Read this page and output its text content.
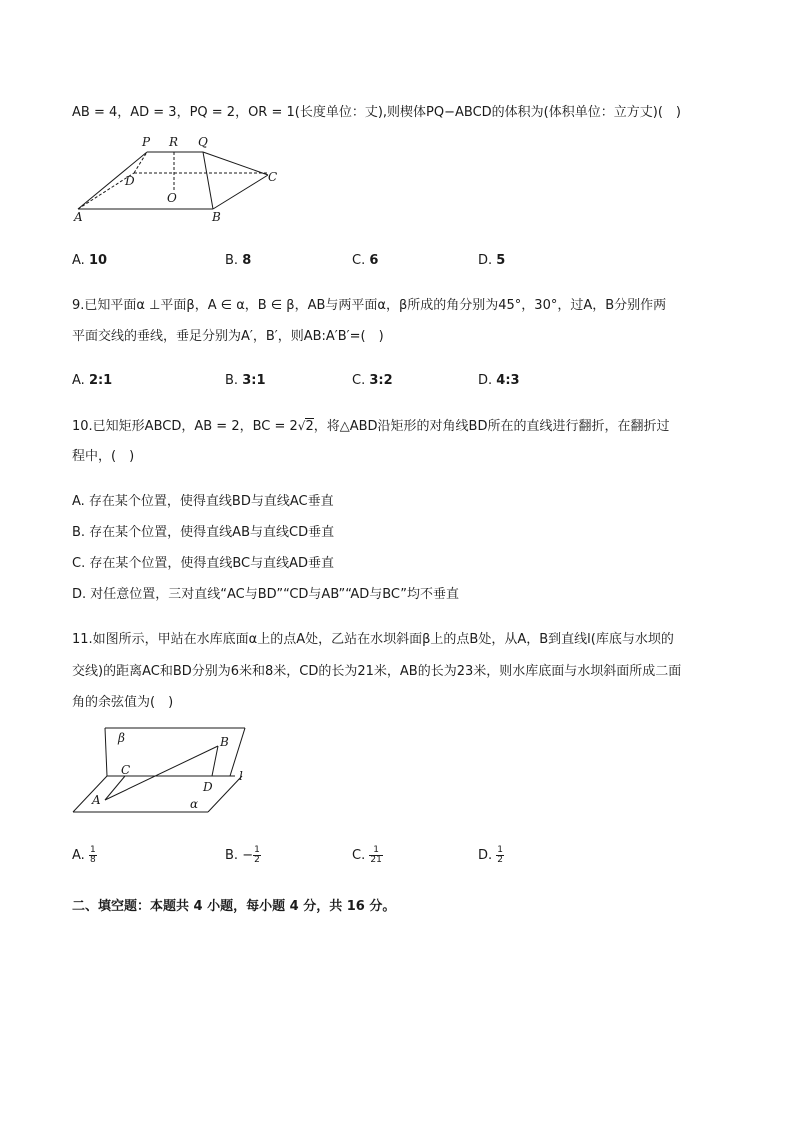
AB = 4，AD = 3，PQ = 2，OR = 1(长度单位：丈),则楔体PQ−ABCD的体积为(体积单位：立方丈)(　)
P R Q
D	C
O
A	B
A. 10	B. 8	C. 6	D. 5
9.已知平面α ⊥平面β，A ∈ α，B ∈ β，AB与两平面α，β所成的角分别为45°，30°，过A，B分别作两
平面交线的垂线，垂足分别为A′，B′，则AB:A′B′=(　)
A. 2:1	B. 3:1	C. 3:2	D. 4:3
10.已知矩形ABCD，AB = 2，BC = 2√2，将△ABD沿矩形的对角线BD所在的直线进行翻折，在翻折过
程中，(　)
A. 存在某个位置，使得直线BD与直线AC垂直
B. 存在某个位置，使得直线AB与直线CD垂直
C. 存在某个位置，使得直线BC与直线AD垂直
D. 对任意位置，三对直线“AC与BD”“CD与AB”“AD与BC”均不垂直
11.如图所示，甲站在水库底面α上的点A处，乙站在水坝斜面β上的点B处，从A，B到直线l(库底与水坝的
交线)的距离AC和BD分别为6米和8米，CD的长为21米，AB的长为23米，则水库底面与水坝斜面所成二面
角的余弦值为(　)
β	B
C	l
D
A	α
A. $\frac{1}{8}$	B. − $\frac{1}{2}$	C. $\frac{1}{21}$	D. $\frac{1}{2}$
二、填空题：本题共 4 小题，每小题 4 分，共 16 分。
